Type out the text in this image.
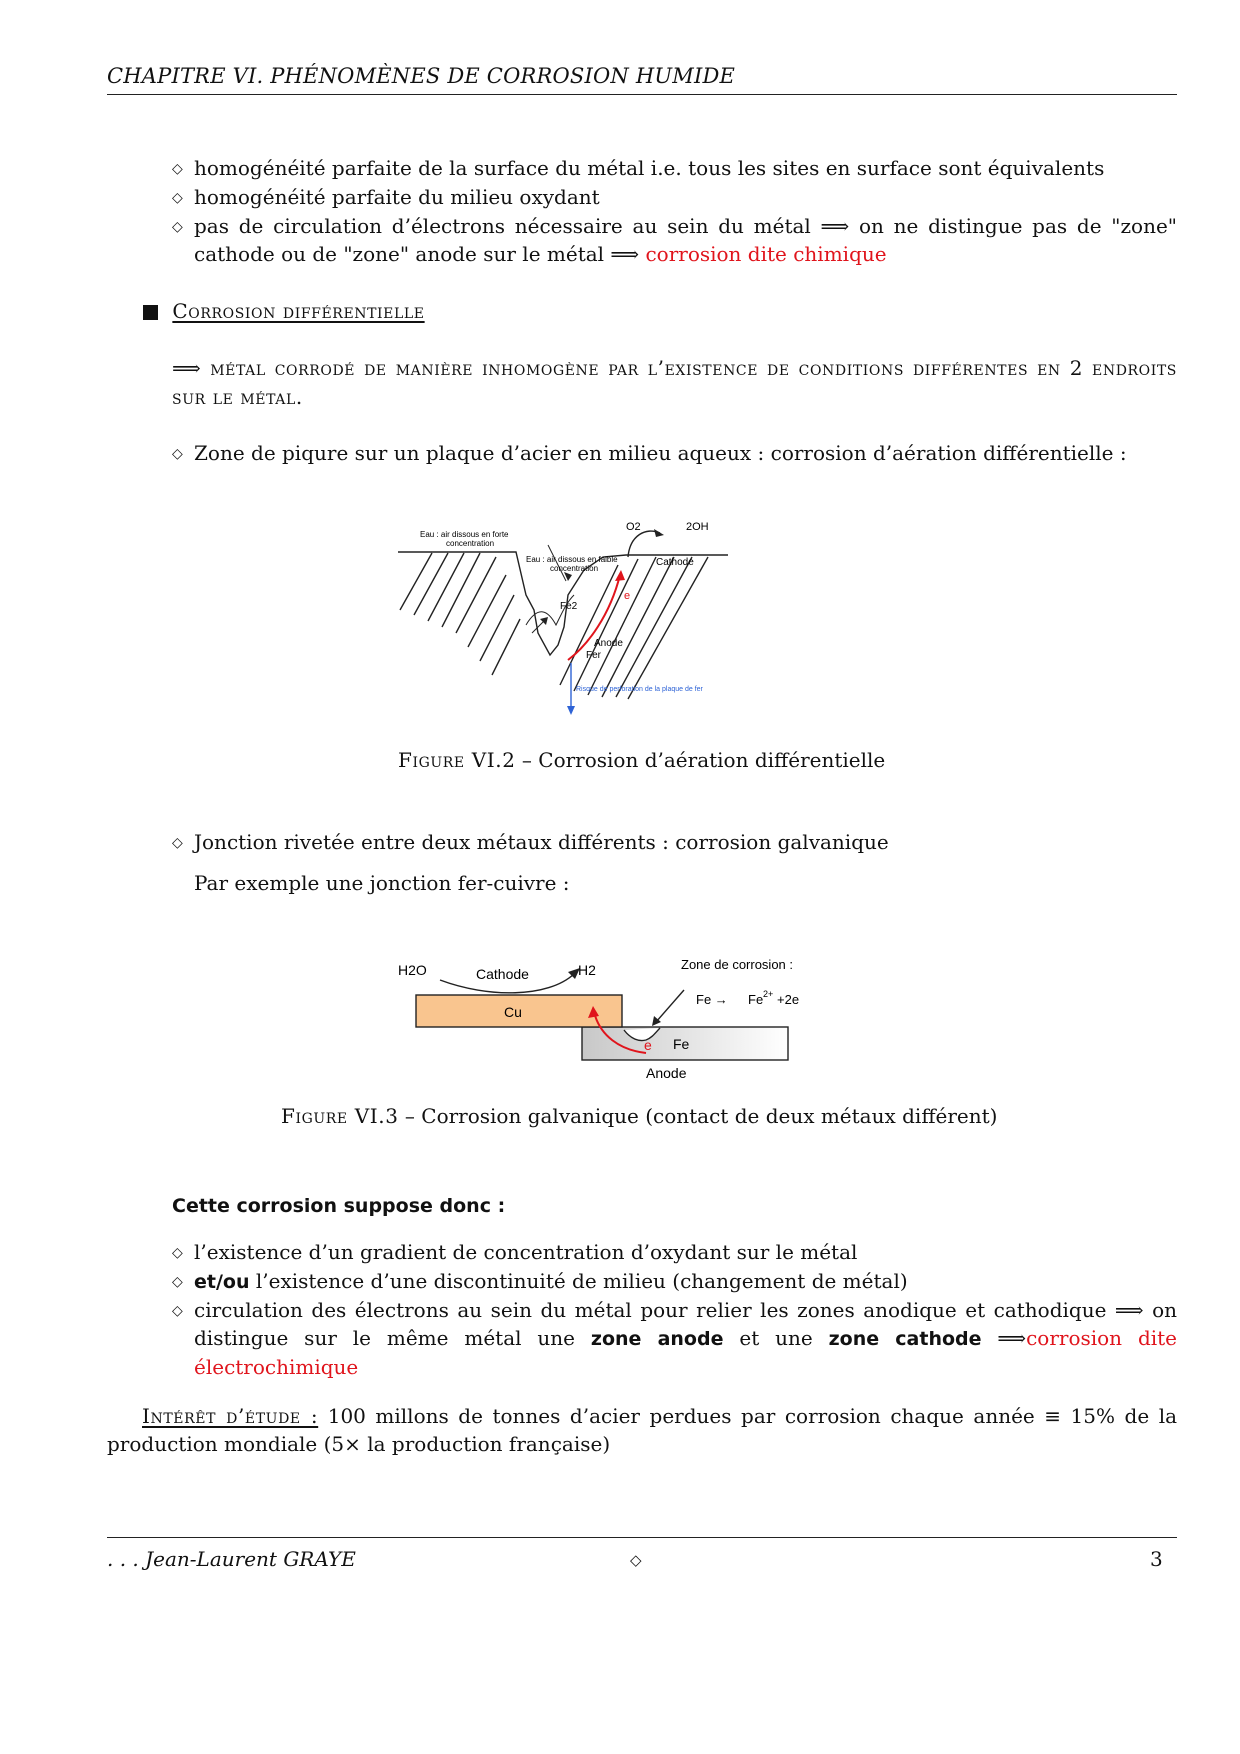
CHAPITRE VI. PHÉNOMÈNES DE CORROSION HUMIDE
◇ homogénéité parfaite de la surface du métal i.e. tous les sites en surface sont équivalents
◇ homogénéité parfaite du milieu oxydant
◇ pas de circulation d’électrons nécessaire au sein du métal ⟹ on ne distingue pas de "zone" cathode ou de "zone" anode sur le métal ⟹ corrosion dite chimique
Corrosion différentielle
⟹ métal corrodé de manière inhomogène par l’existence de conditions différentes en 2 endroits sur le métal.
◇ Zone de piqure sur un plaque d’acier en milieu aqueux : corrosion d’aération différentielle :
Eau : air dissous en forte
concentration
Eau : air dissous en faible
concentration
O2	2OH
Cathode
e
Fe2
Anode
Fer
Risque de perforation de la plaque de fer
Figure VI.2 – Corrosion d’aération différentielle
◇ Jonction rivetée entre deux métaux différents : corrosion galvanique
Par exemple une jonction fer-cuivre :
H2O	Cathode	H2	Zone de corrosion :
Fe → Fe 2+ +2e
Cu
e Fe
Anode
Figure VI.3 – Corrosion galvanique (contact de deux métaux différent)
Cette corrosion suppose donc :
◇ l’existence d’un gradient de concentration d’oxydant sur le métal
◇ et/ou l’existence d’une discontinuité de milieu (changement de métal)
◇ circulation des électrons au sein du métal pour relier les zones anodique et cathodique ⟹ on distingue sur le même métal une zone anode et une zone cathode ⟹corrosion dite électrochimique
Intérêt d’étude : 100 millons de tonnes d’acier perdues par corrosion chaque année ≡ 15% de la production mondiale (5× la production française)
. . . Jean-Laurent GRAYE	◇	3
